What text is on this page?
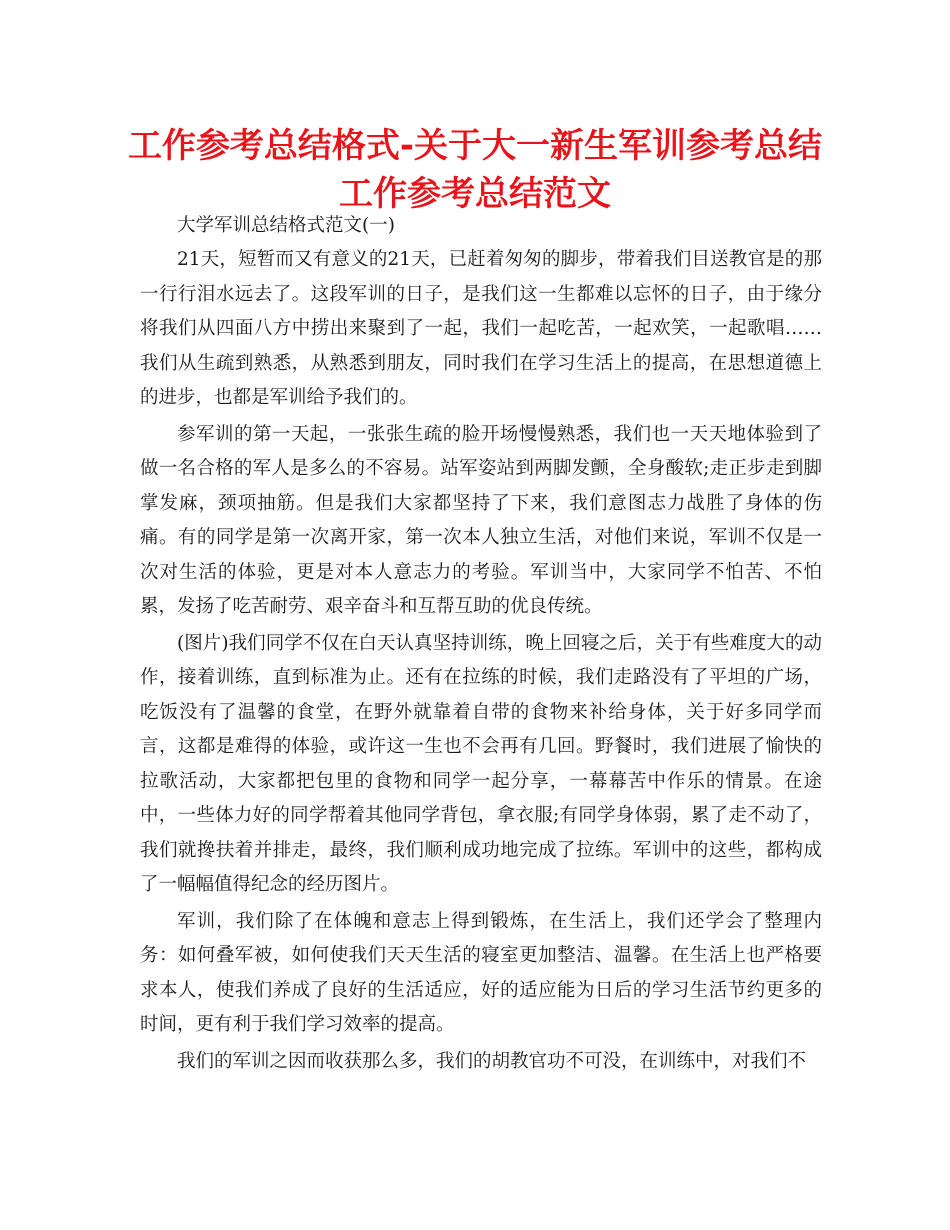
工作参考总结格式-关于大一新生军训参考总结工作参考总结范文

大学军训总结格式范文(一)

21天，短暂而又有意义的21天，已赶着匆匆的脚步，带着我们目送教官是的那一行行泪水远去了。这段军训的日子，是我们这一生都难以忘怀的日子，由于缘分将我们从四面八方中捞出来聚到了一起，我们一起吃苦，一起欢笑，一起歌唱……我们从生疏到熟悉，从熟悉到朋友，同时我们在学习生活上的提高，在思想道德上的进步，也都是军训给予我们的。

参军训的第一天起，一张张生疏的脸开场慢慢熟悉，我们也一天天地体验到了做一名合格的军人是多么的不容易。站军姿站到两脚发颤，全身酸软;走正步走到脚掌发麻，颈项抽筋。但是我们大家都坚持了下来，我们意图志力战胜了身体的伤痛。有的同学是第一次离开家，第一次本人独立生活，对他们来说，军训不仅是一次对生活的体验，更是对本人意志力的考验。军训当中，大家同学不怕苦、不怕累，发扬了吃苦耐劳、艰辛奋斗和互帮互助的优良传统。

(图片)我们同学不仅在白天认真坚持训练，晚上回寝之后，关于有些难度大的动作，接着训练，直到标准为止。还有在拉练的时候，我们走路没有了平坦的广场，吃饭没有了温馨的食堂，在野外就靠着自带的食物来补给身体，关于好多同学而言，这都是难得的体验，或许这一生也不会再有几回。野餐时，我们进展了愉快的拉歌活动，大家都把包里的食物和同学一起分享，一幕幕苦中作乐的情景。在途中，一些体力好的同学帮着其他同学背包，拿衣服;有同学身体弱，累了走不动了，我们就搀扶着并排走，最终，我们顺利成功地完成了拉练。军训中的这些，都构成了一幅幅值得纪念的经历图片。

军训，我们除了在体魄和意志上得到锻炼，在生活上，我们还学会了整理内务：如何叠军被，如何使我们天天生活的寝室更加整洁、温馨。在生活上也严格要求本人，使我们养成了良好的生活适应，好的适应能为日后的学习生活节约更多的时间，更有利于我们学习效率的提高。

我们的军训之因而收获那么多，我们的胡教官功不可没，在训练中，对我们不
